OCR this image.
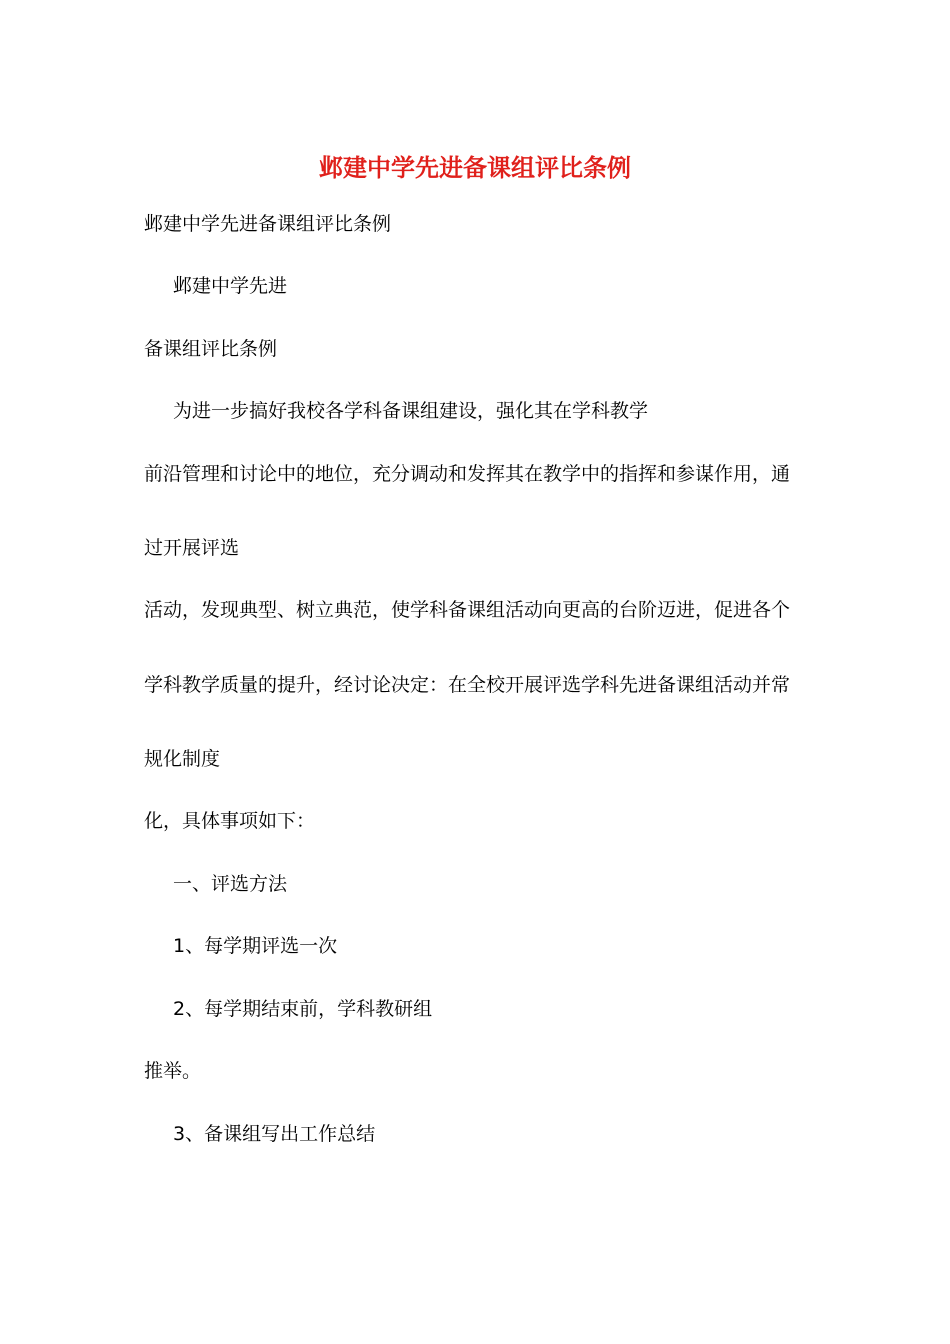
邺建中学先进备课组评比条例
邺建中学先进备课组评比条例
邺建中学先进
备课组评比条例
为进一步搞好我校各学科备课组建设，强化其在学科教学
前沿管理和讨论中的地位，充分调动和发挥其在教学中的指挥和参谋作用，通
过开展评选
活动，发现典型、树立典范，使学科备课组活动向更高的台阶迈进，促进各个
学科教学质量的提升，经讨论决定：在全校开展评选学科先进备课组活动并常
规化制度
化，具体事项如下：
一、评选方法
1、每学期评选一次
2、每学期结束前，学科教研组
推举。
3、备课组写出工作总结
